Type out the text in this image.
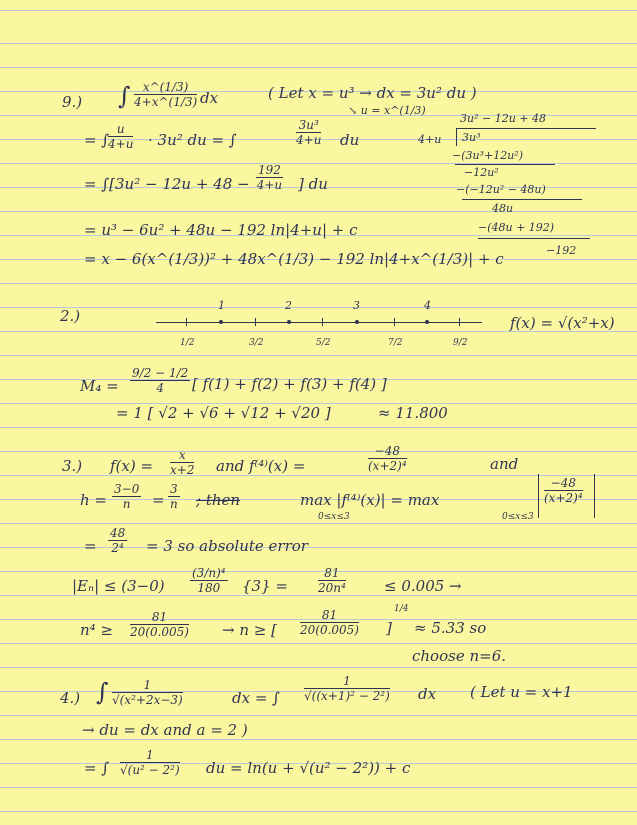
9.) ∫ $\frac{x\^{}(1/3)}{4+x\^{}(1/3)}$ dx	( Let x = u³ → dx = 3u² du )
↘ u = x^(1/3)
= ∫
$\frac{u}{4+u} \cdot 3u^2$ du = ∫	$\frac{\text{3u³}}{4+u}$ du
3u² − 12u + 48
4+u 3u³
−(3u³+12u²)
−12u²
−(−12u² − 48u)
48u
−(48u + 192)
−192
= $\int[3u^2 - 12u + 48 - \frac{192}{4+u}$ ] du
= u³ − 6u² + 48u − 192 ln|4+u| + c
= x − 6(x^(1/3))² + 48x^(1/3) − 192 ln|4+x^(1/3)| + c
2.)
1	2	3	4
1/2	3/2	5/2	7/2	9/2
f(x) = √(x²+x)
$M_4 = \frac{9/2 - 1/2}{4}$ [ f(1) + f(2) + f(3) + f(4) ]
= 1 [ √2 + √6 + √12 + √20 ]	≈ 11.800
3.) $f(x) = \frac{x}{x+2}$ and f⁽⁴⁾(x) =	$\frac{-48}{\text{(x+2)⁴}}$	and
$h = \frac{3-0}{n} = \frac{3}{n}$ ; then	max |f⁽⁴⁾(x)| = max
0≤x≤3	0≤x≤3
$\frac{-48}{\text{(x+2)⁴}}$
= $\frac{48}{\text{2⁴}} = 3$ so absolute error
$|E_n| \le (3-0) \frac{\text{(3/n)⁴}}{180} \{3\}$ =	$\frac{81}{\text{20n⁴}}$	≤ 0.005 →
$n^4 \ge \frac{81}{20(0.005)} \to n$ ≥ [ $\frac{81}{20(0.005)}$ ]
1/4
≈ 5.33 so
choose n=6.
4.) ∫ $\frac{1}{\text{√(x²+2x−3)}}$	dx = ∫ $\frac{1}{\text{√((x+1)² − 2²)}}$ dx ( Let u = x+1
→ du = dx and a = 2 )
= ∫ $\frac{1}{\text{√(u² − 2²)}}$ du = ln(u + √(u² − 2²)) + c
